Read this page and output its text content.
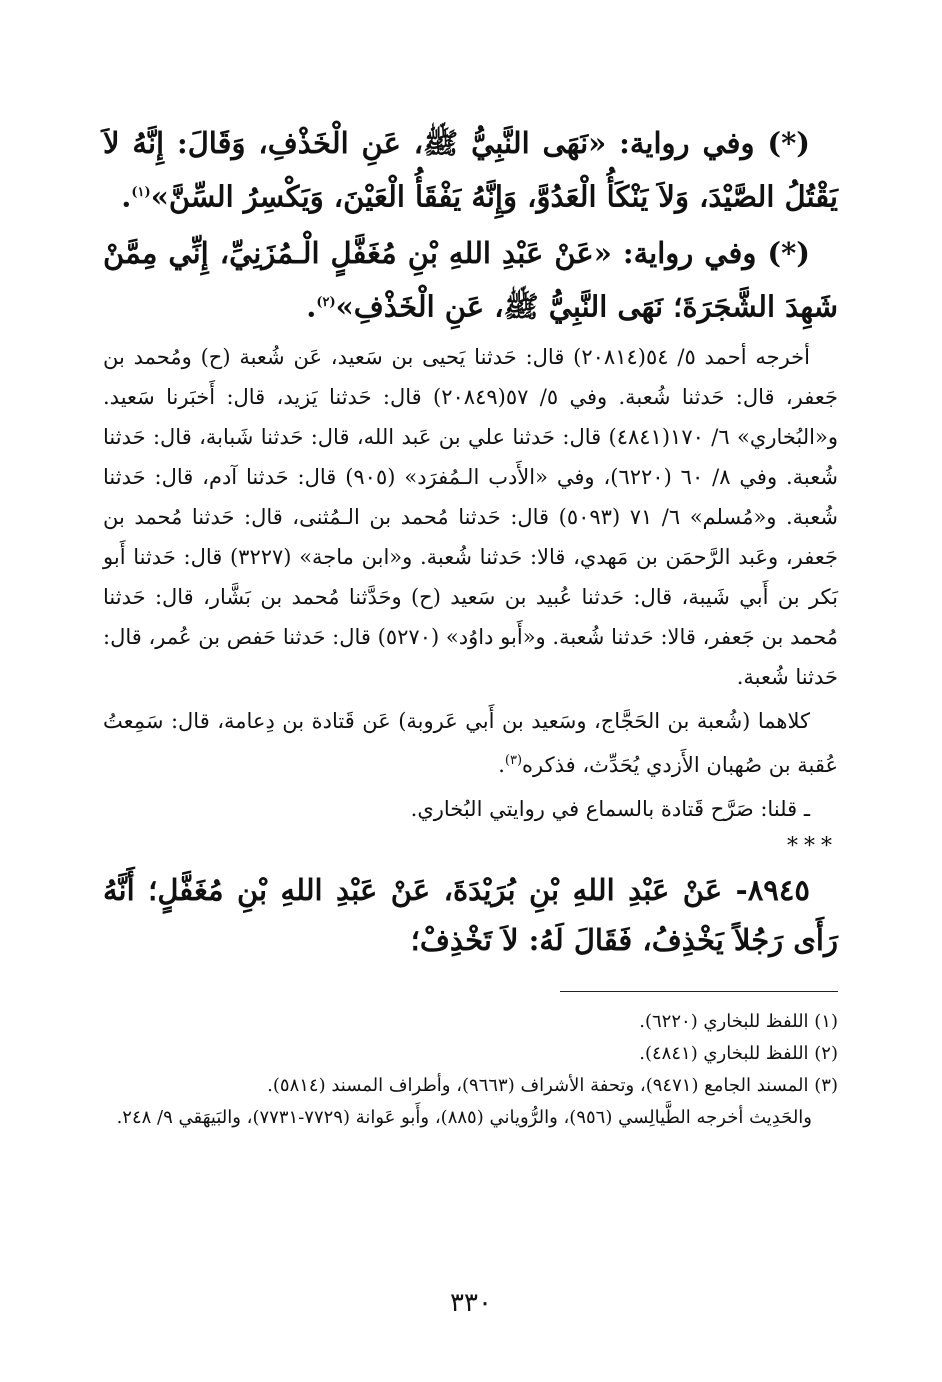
(*) وفي رواية: «نَهَى النَّبِيُّ ﷺ، عَنِ الْخَذْفِ، وَقَالَ: إِنَّهُ لاَ يَقْتُلُ الصَّيْدَ، وَلاَ يَنْكَأُ الْعَدُوَّ، وَإِنَّهُ يَفْقَأُ الْعَيْنَ، وَيَكْسِرُ السِّنَّ»$^{(١)}$.

(*) وفي رواية: «عَنْ عَبْدِ اللهِ بْنِ مُغَفَّلٍ الْـمُزَنِيِّ، إِنِّي مِمَّنْ شَهِدَ الشَّجَرَةَ؛ نَهَى النَّبِيُّ ﷺ، عَنِ الْخَذْفِ»$^{(٢)}$.

أخرجه أحمد ٥/ ٥٤(٢٠٨١٤) قال: حَدثنا يَحيى بن سَعيد، عَن شُعبة (ح) ومُحمد بن جَعفر، قال: حَدثنا شُعبة. وفي ٥/ ٥٧(٢٠٨٤٩) قال: حَدثنا يَزيد، قال: أَخبَرنا سَعيد. و«البُخاري» ٦/ ١٧٠(٤٨٤١) قال: حَدثنا علي بن عَبد الله، قال: حَدثنا شَبابة، قال: حَدثنا شُعبة. وفي ٨/ ٦٠ (٦٢٢٠)، وفي «الأَدب الـمُفرَد» (٩٠٥) قال: حَدثنا آدم، قال: حَدثنا شُعبة. و«مُسلم» ٦/ ٧١ (٥٠٩٣) قال: حَدثنا مُحمد بن الـمُثنى، قال: حَدثنا مُحمد بن جَعفر، وعَبد الرَّحمَن بن مَهدي، قالا: حَدثنا شُعبة. و«ابن ماجة» (٣٢٢٧) قال: حَدثنا أَبو بَكر بن أَبي شَيبة، قال: حَدثنا عُبيد بن سَعيد (ح) وحَدَّثنا مُحمد بن بَشَّار، قال: حَدثنا مُحمد بن جَعفر، قالا: حَدثنا شُعبة. و«أَبو داوُد» (٥٢٧٠) قال: حَدثنا حَفص بن عُمر، قال: حَدثنا شُعبة.

كلاهما (شُعبة بن الحَجَّاج، وسَعيد بن أَبي عَروبة) عَن قَتادة بن دِعامة، قال: سَمِعتُ عُقبة بن صُهبان الأَزدي يُحَدِّث، فذكره$^{(٣)}$.

ـ قلنا: صَرَّح قَتادة بالسماع في روايتي البُخاري.

***

٨٩٤٥- عَنْ عَبْدِ اللهِ بْنِ بُرَيْدَةَ، عَنْ عَبْدِ اللهِ بْنِ مُغَفَّلٍ؛ أَنَّهُ رَأَى رَجُلاً يَخْذِفُ، فَقَالَ لَهُ: لاَ تَخْذِفْ؛

(١) اللفظ للبخاري (٦٢٢٠).

(٢) اللفظ للبخاري (٤٨٤١).

(٣) المسند الجامع (٩٤٧١)، وتحفة الأشراف (٩٦٦٣)، وأطراف المسند (٥٨١٤).

والحَدِيث أخرجه الطَّيالِسي (٩٥٦)، والرُّوياني (٨٨٥)، وأَبو عَوانة (٧٧٢٩-٧٧٣١)، والبَيهَقي ٩/ ٢٤٨.

٣٣٠
